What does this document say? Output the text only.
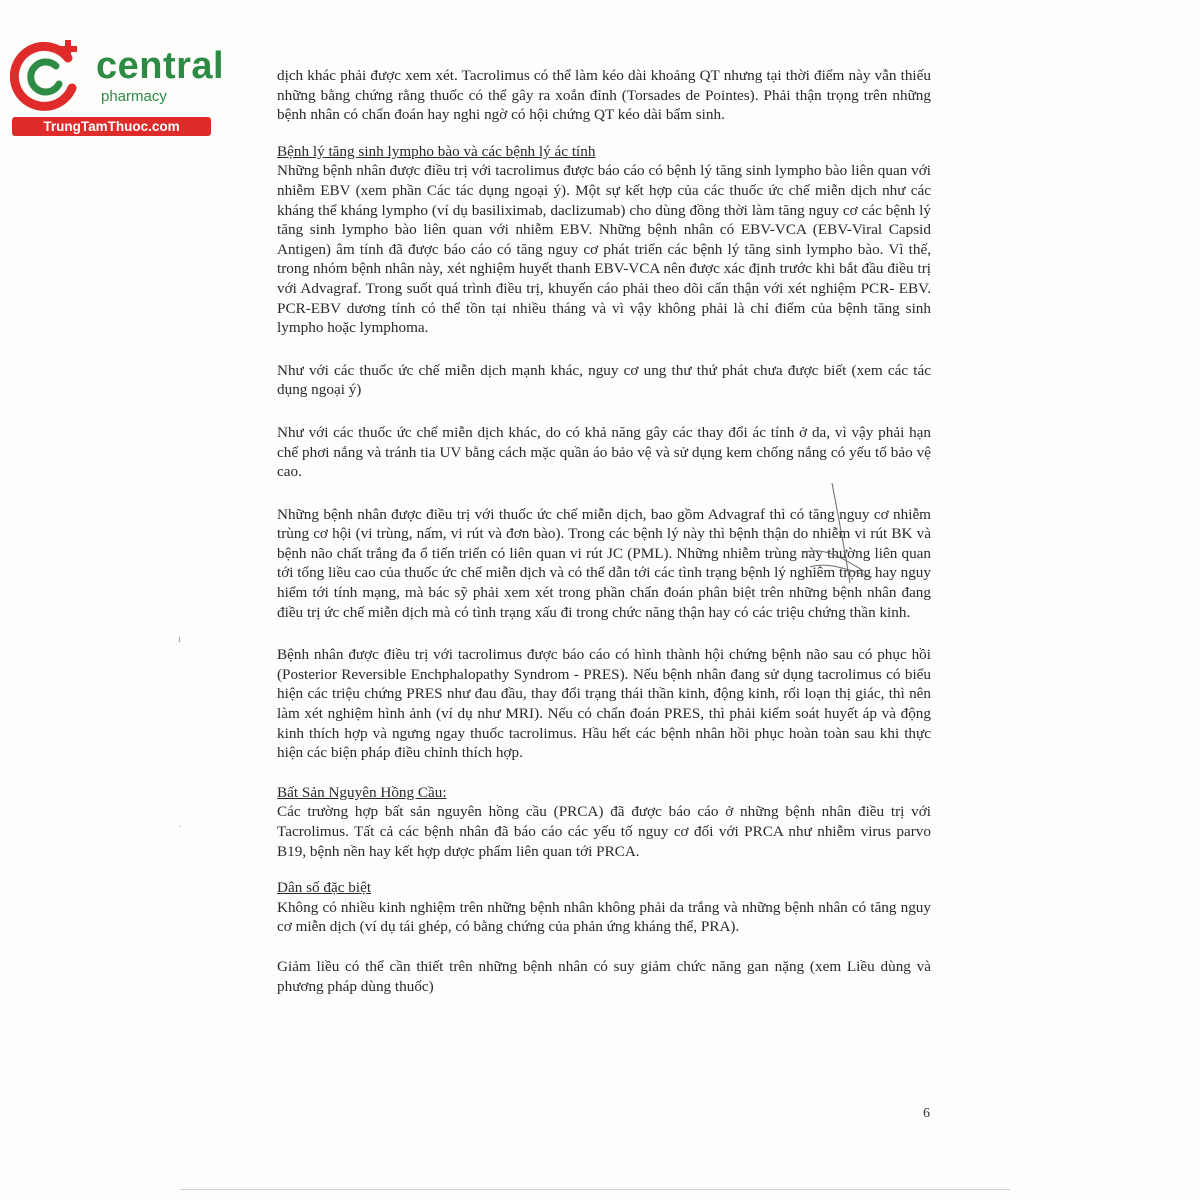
central
pharmacy
TrungTamThuoc.com
ı
·

dịch khác phải được xem xét. Tacrolimus có thể làm kéo dài khoảng QT nhưng tại thời điểm này vẫn thiếu những bằng chứng rằng thuốc có thể gây ra xoắn đỉnh (Torsades de Pointes). Phải thận trọng trên những bệnh nhân có chẩn đoán hay nghi ngờ có hội chứng QT kéo dài bẩm sinh.

Bệnh lý tăng sinh lympho bào và các bệnh lý ác tính

Những bệnh nhân được điều trị với tacrolimus được báo cáo có bệnh lý tăng sinh lympho bào liên quan với nhiễm EBV (xem phần Các tác dụng ngoại ý). Một sự kết hợp của các thuốc ức chế miễn dịch như các kháng thể kháng lympho (ví dụ basiliximab, daclizumab) cho dùng đồng thời làm tăng nguy cơ các bệnh lý tăng sinh lympho bào liên quan với nhiễm EBV. Những bệnh nhân có EBV-VCA (EBV-Viral Capsid Antigen) âm tính đã được báo cáo có tăng nguy cơ phát triển các bệnh lý tăng sinh lympho bào. Vì thế, trong nhóm bệnh nhân này, xét nghiệm huyết thanh EBV-VCA nên được xác định trước khi bắt đầu điều trị với Advagraf. Trong suốt quá trình điều trị, khuyến cáo phải theo dõi cẩn thận với xét nghiệm PCR- EBV. PCR-EBV dương tính có thể tồn tại nhiều tháng và vì vậy không phải là chỉ điểm của bệnh tăng sinh lympho hoặc lymphoma.

Như với các thuốc ức chế miễn dịch mạnh khác, nguy cơ ung thư thứ phát chưa được biết (xem các tác dụng ngoại ý)

Như với các thuốc ức chế miễn dịch khác, do có khả năng gây các thay đổi ác tính ở da, vì vậy phải hạn chế phơi nắng và tránh tia UV bằng cách mặc quần áo bảo vệ và sử dụng kem chống nắng có yếu tố bảo vệ cao.

Những bệnh nhân được điều trị với thuốc ức chế miễn dịch, bao gồm Advagraf thì có tăng nguy cơ nhiễm trùng cơ hội (vi trùng, nấm, vi rút và đơn bào). Trong các bệnh lý này thì bệnh thận do nhiễm vi rút BK và bệnh não chất trắng đa ổ tiến triển có liên quan vi rút JC (PML). Những nhiễm trùng này thường liên quan tới tổng liều cao của thuốc ức chế miễn dịch và có thể dẫn tới các tình trạng bệnh lý nghiêm trọng hay nguy hiểm tới tính mạng, mà bác sỹ phải xem xét trong phần chẩn đoán phân biệt trên những bệnh nhân đang điều trị ức chế miễn dịch mà có tình trạng xấu đi trong chức năng thận hay có các triệu chứng thần kinh.

Bệnh nhân được điều trị với tacrolimus được báo cáo có hình thành hội chứng bệnh não sau có phục hồi (Posterior Reversible Enchphalopathy Syndrom - PRES). Nếu bệnh nhân đang sử dụng tacrolimus có biểu hiện các triệu chứng PRES như đau đầu, thay đổi trạng thái thần kinh, động kinh, rối loạn thị giác, thì nên làm xét nghiệm hình ảnh (ví dụ như MRI). Nếu có chẩn đoán PRES, thì phải kiểm soát huyết áp và động kinh thích hợp và ngưng ngay thuốc tacrolimus. Hầu hết các bệnh nhân hồi phục hoàn toàn sau khi thực hiện các biện pháp điều chỉnh thích hợp.

Bất Sản Nguyên Hồng Cầu:

Các trường hợp bất sản nguyên hồng cầu (PRCA) đã được báo cáo ở những bệnh nhân điều trị với Tacrolimus. Tất cả các bệnh nhân đã báo cáo các yếu tố nguy cơ đối với PRCA như nhiễm virus parvo B19, bệnh nền hay kết hợp dược phẩm liên quan tới PRCA.

Dân số đặc biệt

Không có nhiều kinh nghiệm trên những bệnh nhân không phải da trắng và những bệnh nhân có tăng nguy cơ miễn dịch (ví dụ tái ghép, có bằng chứng của phản ứng kháng thể, PRA).

Giảm liều có thể cần thiết trên những bệnh nhân có suy giảm chức năng gan nặng (xem Liều dùng và phương pháp dùng thuốc)

6
